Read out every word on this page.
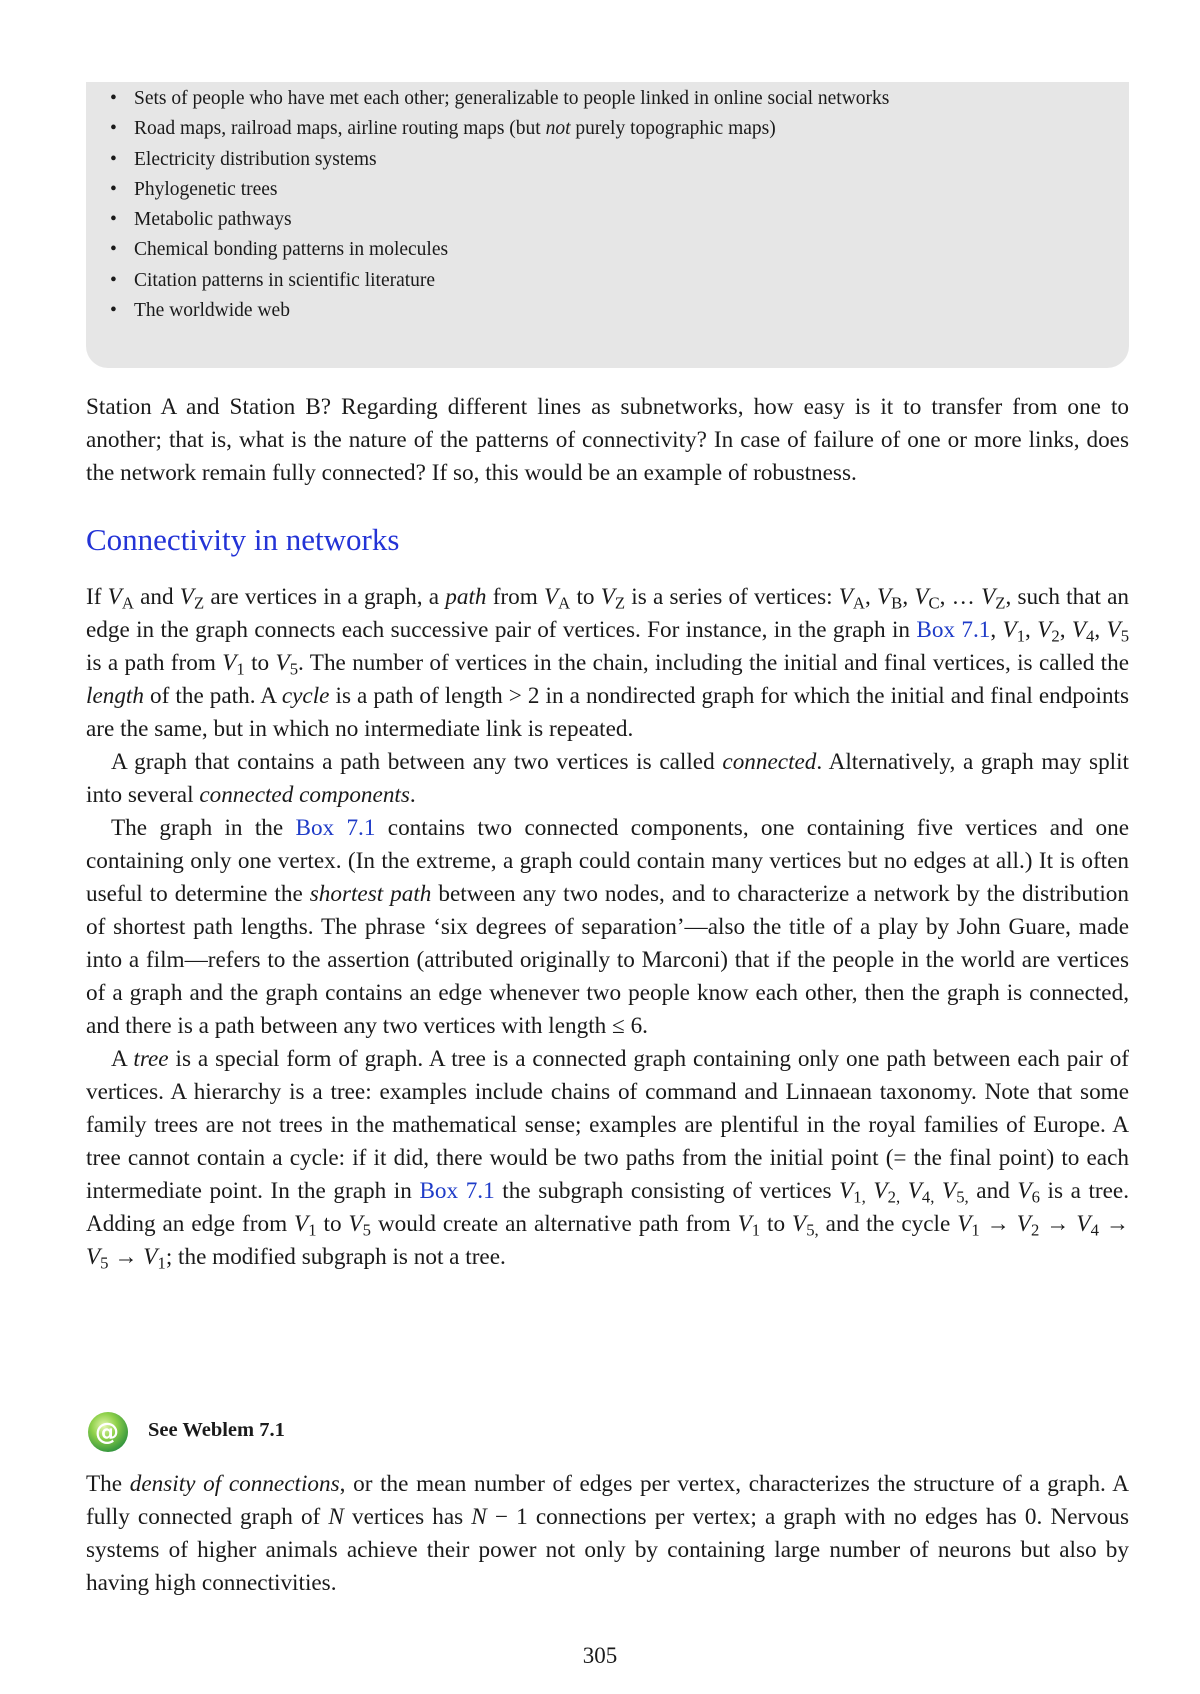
• Sets of people who have met each other; generalizable to people linked in online social networks
• Road maps, railroad maps, airline routing maps (but not purely topographic maps)
• Electricity distribution systems
• Phylogenetic trees
• Metabolic pathways
• Chemical bonding patterns in molecules
• Citation patterns in scientific literature
• The worldwide web

Station A and Station B? Regarding different lines as subnetworks, how easy is it to transfer from one to another; that is, what is the nature of the patterns of connectivity? In case of failure of one or more links, does the network remain fully connected? If so, this would be an example of robustness.

Connectivity in networks

If $V_A$ and $V_Z$ are vertices in a graph, a path from $V_A$ to $V_Z$ is a series of vertices: $V_A$, $V_B$, $V_C$, … $V_Z$, such that an edge in the graph connects each successive pair of vertices. For instance, in the graph in Box 7.1, $V_1$, $V_2$, $V_4$, $V_5$ is a path from $V_1$ to $V_5$. The number of vertices in the chain, including the initial and final vertices, is called the length of the path. A cycle is a path of length > 2 in a nondirected graph for which the initial and final endpoints are the same, but in which no intermediate link is repeated.

A graph that contains a path between any two vertices is called connected. Alternatively, a graph may split into several connected components.

The graph in the Box 7.1 contains two connected components, one containing five vertices and one containing only one vertex. (In the extreme, a graph could contain many vertices but no edges at all.) It is often useful to determine the shortest path between any two nodes, and to characterize a network by the distribution of shortest path lengths. The phrase ‘six degrees of separation’—also the title of a play by John Guare, made into a film—refers to the assertion (attributed originally to Marconi) that if the people in the world are vertices of a graph and the graph contains an edge whenever two people know each other, then the graph is connected, and there is a path between any two vertices with length ≤ 6.

A tree is a special form of graph. A tree is a connected graph containing only one path between each pair of vertices. A hierarchy is a tree: examples include chains of command and Linnaean taxonomy. Note that some family trees are not trees in the mathematical sense; examples are plentiful in the royal families of Europe. A tree cannot contain a cycle: if it did, there would be two paths from the initial point (= the final point) to each intermediate point. In the graph in Box 7.1 the subgraph consisting of vertices $V_{1,}$ $V_{2,}$ $V_{4,}$ $V_{5,}$ and $V_6$ is a tree. Adding an edge from $V_1$ to $V_5$ would create an alternative path from $V_1$ to $V_{5,}$ and the cycle $V_1 \to V_2 \to V_4 \to V_5 \to V_1$; the modified subgraph is not a tree.

@ See Weblem 7.1

The density of connections, or the mean number of edges per vertex, characterizes the structure of a graph. A fully connected graph of N vertices has N − 1 connections per vertex; a graph with no edges has 0. Nervous systems of higher animals achieve their power not only by containing large number of neurons but also by having high connectivities.

305
